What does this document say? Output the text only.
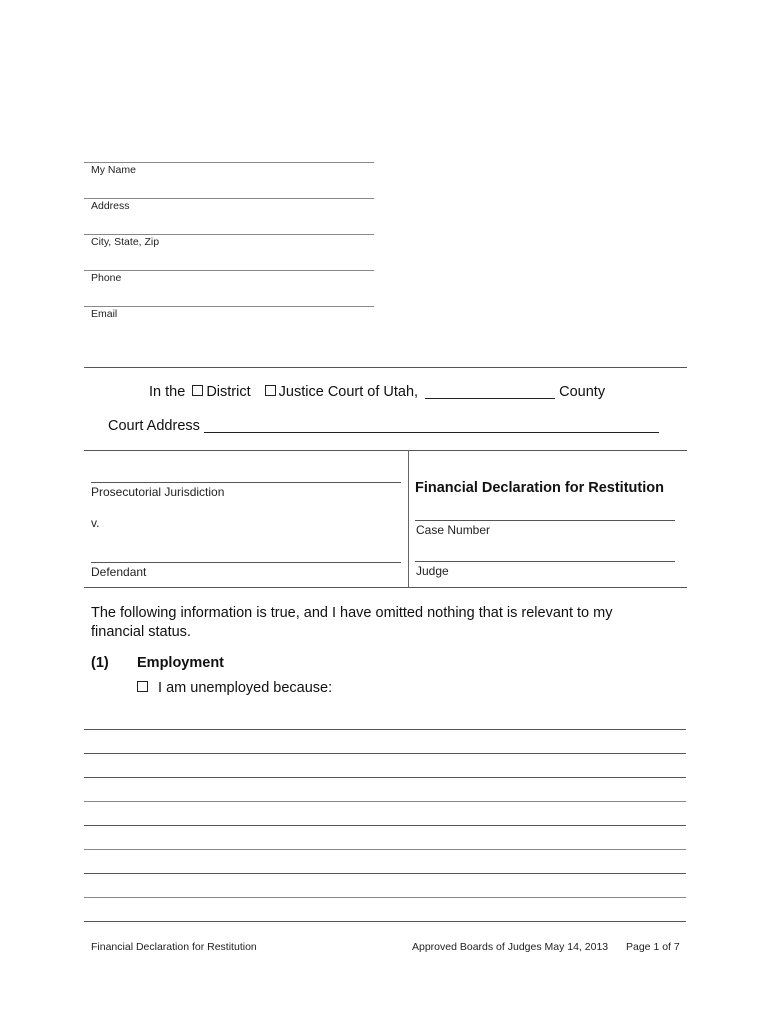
My Name
Address
City, State, Zip
Phone
Email
In the District Justice Court of Utah,	County
Court Address
Prosecutorial Jurisdiction
v.
Defendant
Financial Declaration for Restitution
Case Number
Judge
The following information is true, and I have omitted nothing that is relevant to my financial status.
(1) Employment
I am unemployed because:
Financial Declaration for Restitution	Approved Boards of Judges May 14, 2013 Page 1 of 7
